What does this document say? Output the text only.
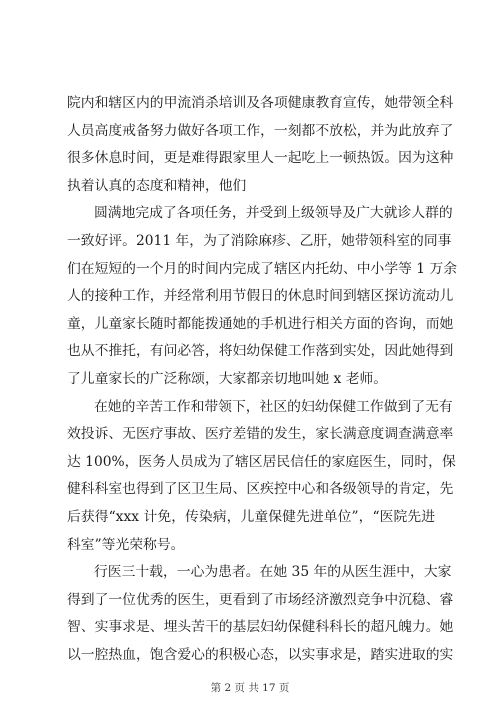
院内和辖区内的甲流消杀培训及各项健康教育宣传，她带领全科
人员高度戒备努力做好各项工作，一刻都不放松，并为此放弃了
很多休息时间，更是难得跟家里人一起吃上一顿热饭。因为这种
执着认真的态度和精神，他们
圆满地完成了各项任务，并受到上级领导及广大就诊人群的
一致好评。2011 年，为了消除麻疹、乙肝，她带领科室的同事
们在短短的一个月的时间内完成了辖区内托幼、中小学等 1 万余
人的接种工作，并经常利用节假日的休息时间到辖区探访流动儿
童，儿童家长随时都能拨通她的手机进行相关方面的咨询，而她
也从不推托，有问必答，将妇幼保健工作落到实处，因此她得到
了儿童家长的广泛称颂，大家都亲切地叫她 x 老师。
在她的辛苦工作和带领下，社区的妇幼保健工作做到了无有
效投诉、无医疗事故、医疗差错的发生，家长满意度调查满意率
达 100%，医务人员成为了辖区居民信任的家庭医生，同时，保
健科科室也得到了区卫生局、区疾控中心和各级领导的肯定，先
后获得“xxx 计免，传染病，儿童保健先进单位”，“医院先进
科室”等光荣称号。
行医三十载，一心为患者。在她 35 年的从医生涯中，大家
得到了一位优秀的医生，更看到了市场经济激烈竞争中沉稳、睿
智、实事求是、埋头苦干的基层妇幼保健科科长的超凡魄力。她
以一腔热血，饱含爱心的积极心态，以实事求是，踏实进取的实
第 2 页 共 17 页
